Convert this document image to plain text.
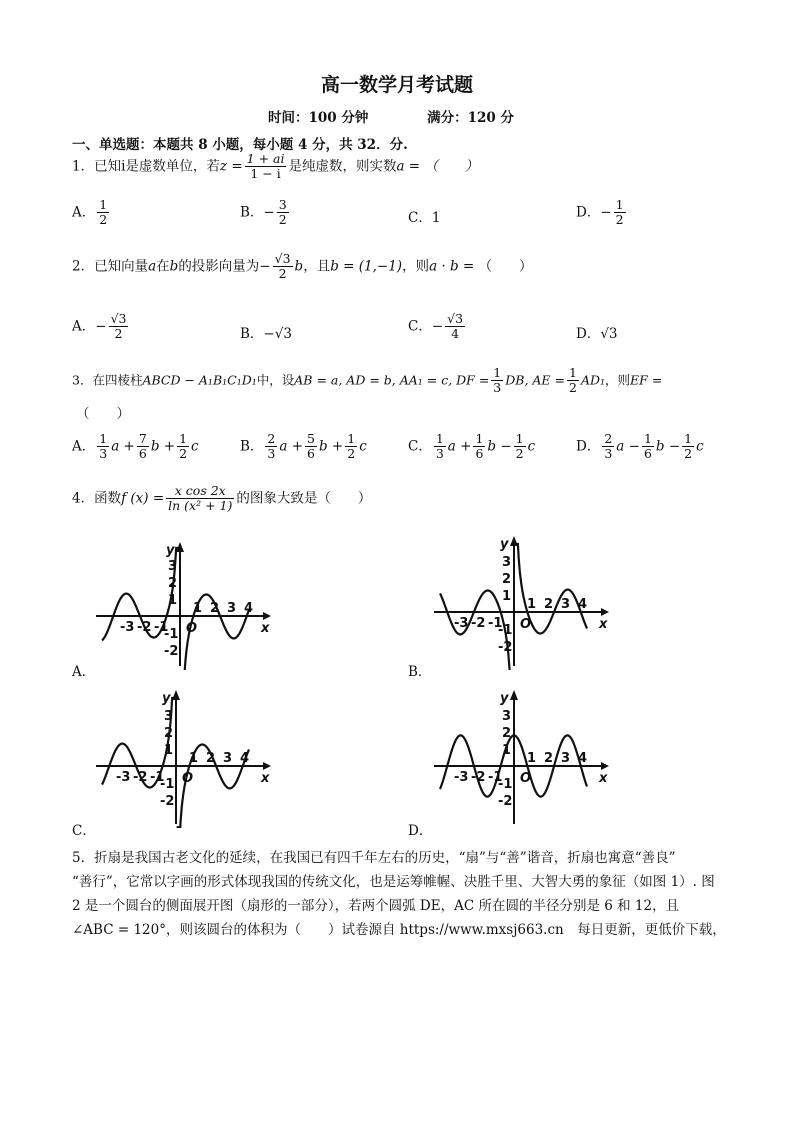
高一数学月考试题
时间：100 分钟	满分：120 分
一、单选题：本题共 8 小题，每小题 4 分，共 32．分.
1．已知i是虚数单位，若$z = \frac{1 + ai}{1 - i}$ 是纯虚数，则实数a = （　　）
A． $\frac{1}{2}$	B．− $\frac{3}{2}$	C．1	D．− $\frac{1}{2}$
2．已知向量a在b的投影向量为− $\frac{√3}{2}$ b，且b = (1,−1)，则a · b = （　　）
A．− $\frac{√3}{2}$	B．−√3	C．− $\frac{√3}{4}$	D．√3
3．在四棱柱ABCD − A₁B₁C₁D₁中，设AB = a, AD = b, AA₁ = c, DF = $\frac{1}{3}$ DB, AE = $\frac{1}{2} AD_1$，则EF =
（　　）
A． $\frac{1}{3}$ $a + \frac{7}{6}$ $b + \frac{1}{2}$ c	B． $\frac{2}{3}$ $a + \frac{5}{6}$ $b + \frac{1}{2}$ c	C． $\frac{1}{3}$ $a + \frac{1}{6}$ $b - \frac{1}{2}$ c	D． $\frac{2}{3}$ $a - \frac{1}{6}$ $b - \frac{1}{2}$ c
4．函数f $(x) = \frac{\text{x cos 2x}}{\text{ln (x² + 1)}}$ 的图象大致是（　　）
x
y
O
-3 -2 -1
1 2 3 4
1
2
3
-1
-2
x
y
O
-3 -2 -1
1 2 3 4
1
2
3
-1
-2
x
y
O
-3 -2 -1
1 2 3 4
1
2
3
-1
-2
x
y
O
-3 -2 -1
1 2 3 4
1
2
3
-1
-2
A．	B．
C．	D．
5．折扇是我国古老文化的延续，在我国已有四千年左右的历史，“扇”与“善”谐音，折扇也寓意“善良”
“善行”，它常以字画的形式体现我国的传统文化，也是运筹帷幄、决胜千里、大智大勇的象征（如图 1）. 图
2 是一个圆台的侧面展开图（扇形的一部分），若两个圆弧 DE，AC 所在圆的半径分别是 6 和 12，且
∠ABC = 120°，则该圆台的体积为（　　）试卷源自 https://www.mxsj663.cn　每日更新，更低价下载，
